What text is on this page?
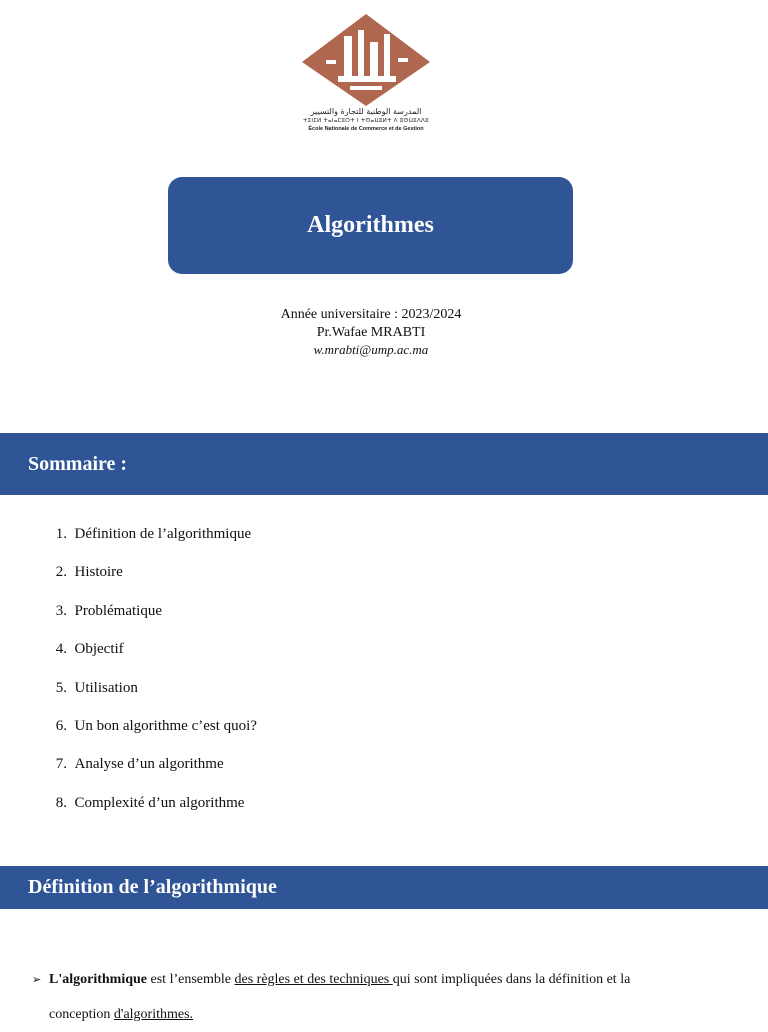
المدرسة الوطنية للتجارة والتسيير
ⵜⵉⵏⵎⵍ ⵜⴰⵏⴰⵎⵓⵔⵜ ⵏ ⵜⵙⴰⵡⵓⵍⵜ ⴷ ⵓⵙⵡⵓⴷⴷⵓ
École Nationale de Commerce et de Gestion
Algorithmes
Année universitaire : 2023/2024
Pr.Wafae MRABTI
w.mrabti@ump.ac.ma
Sommaire :
1.
Définition de l’algorithmique
2.
Histoire
3.
Problématique
4.
Objectif
5.
Utilisation
6.
Un bon algorithme c’est quoi?
7.
Analyse d’un algorithme
8.
Complexité d’un algorithme
Définition de l’algorithmique
➢ L'algorithmique est l’ensemble des règles et des techniques qui sont impliquées dans la définition et la
conception d'algorithmes.
